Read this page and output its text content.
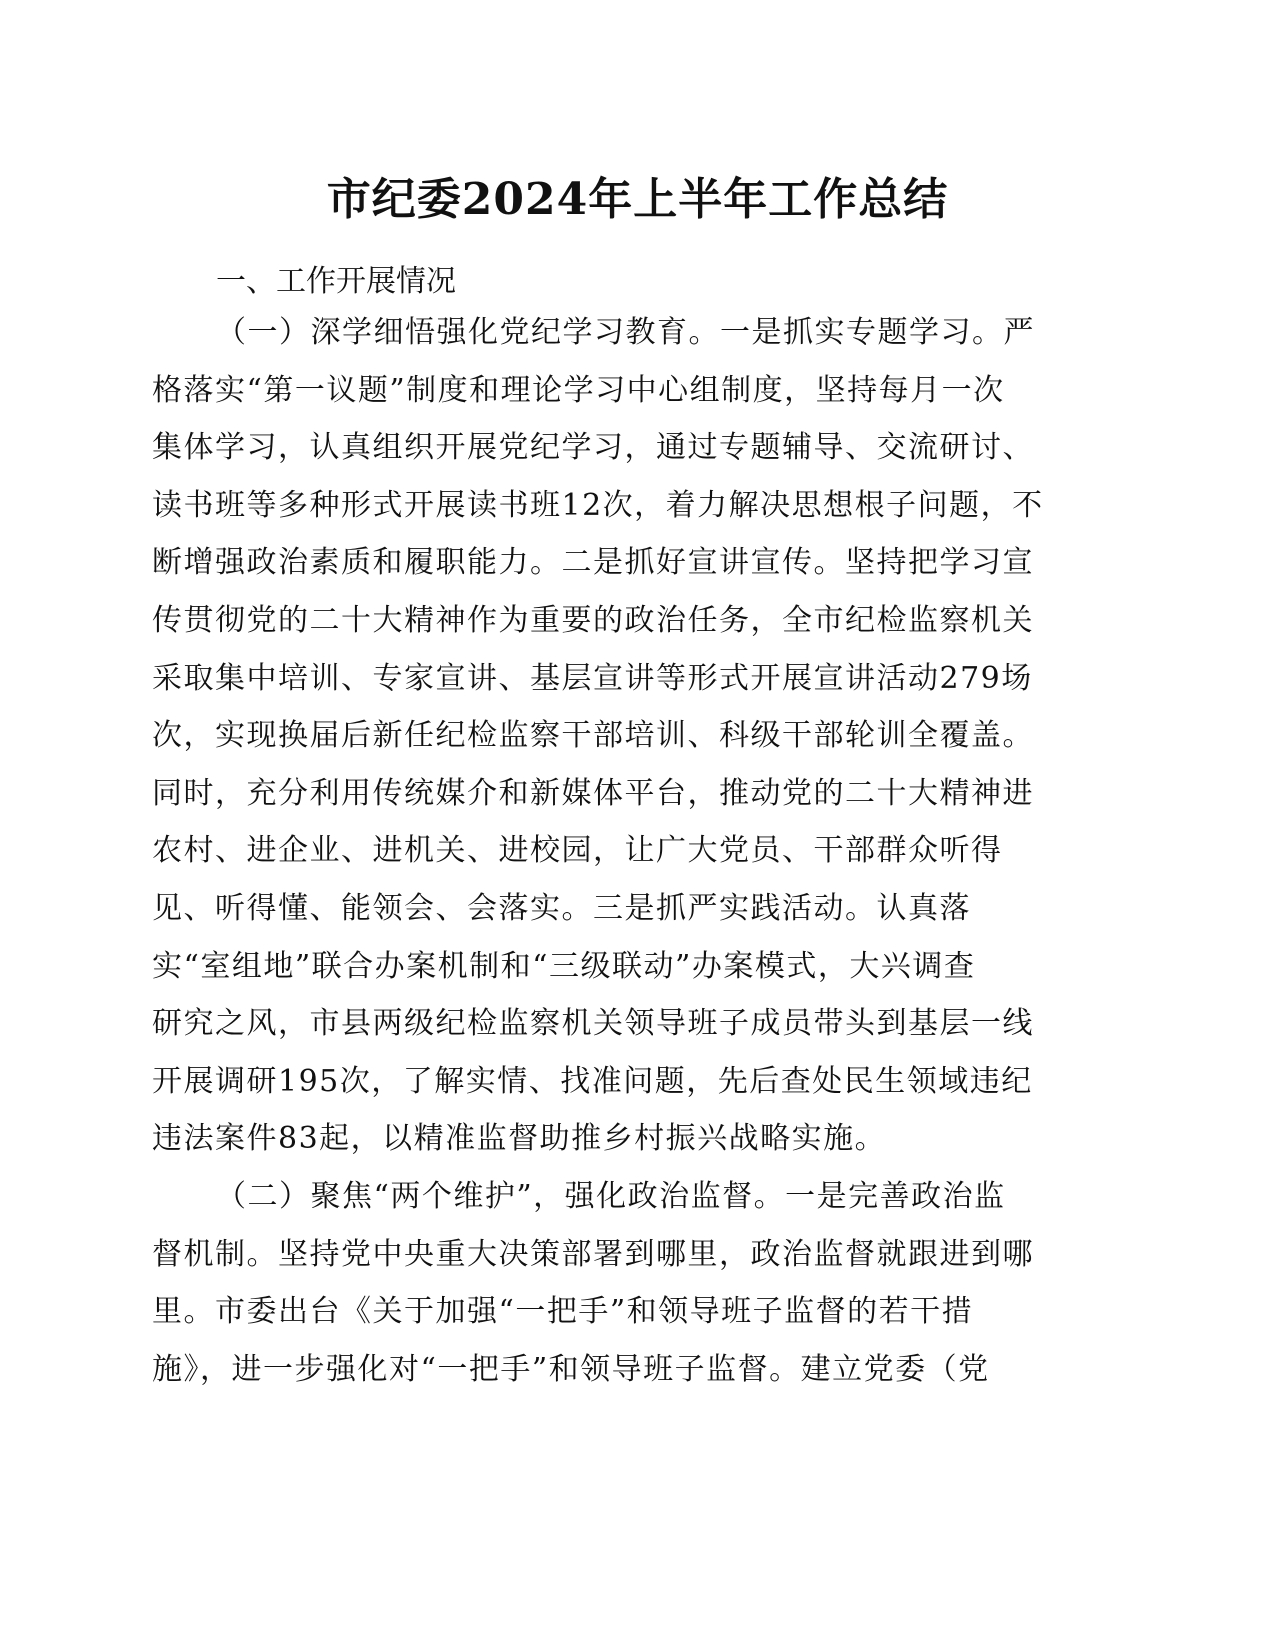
市纪委2024年上半年工作总结
一、工作开展情况
（一）深学细悟强化党纪学习教育。一是抓实专题学习。严
格落实“第一议题”制度和理论学习中心组制度，坚持每月一次
集体学习，认真组织开展党纪学习，通过专题辅导、交流研讨、
读书班等多种形式开展读书班12次，着力解决思想根子问题，不
断增强政治素质和履职能力。二是抓好宣讲宣传。坚持把学习宣
传贯彻党的二十大精神作为重要的政治任务，全市纪检监察机关
采取集中培训、专家宣讲、基层宣讲等形式开展宣讲活动279场
次，实现换届后新任纪检监察干部培训、科级干部轮训全覆盖。
同时，充分利用传统媒介和新媒体平台，推动党的二十大精神进
农村、进企业、进机关、进校园，让广大党员、干部群众听得
见、听得懂、能领会、会落实。三是抓严实践活动。认真落
实“室组地”联合办案机制和“三级联动”办案模式，大兴调查
研究之风，市县两级纪检监察机关领导班子成员带头到基层一线
开展调研195次，了解实情、找准问题，先后查处民生领域违纪
违法案件83起，以精准监督助推乡村振兴战略实施。
（二）聚焦“两个维护”，强化政治监督。一是完善政治监
督机制。坚持党中央重大决策部署到哪里，政治监督就跟进到哪
里。市委出台《关于加强“一把手”和领导班子监督的若干措
施》，进一步强化对“一把手”和领导班子监督。建立党委（党
